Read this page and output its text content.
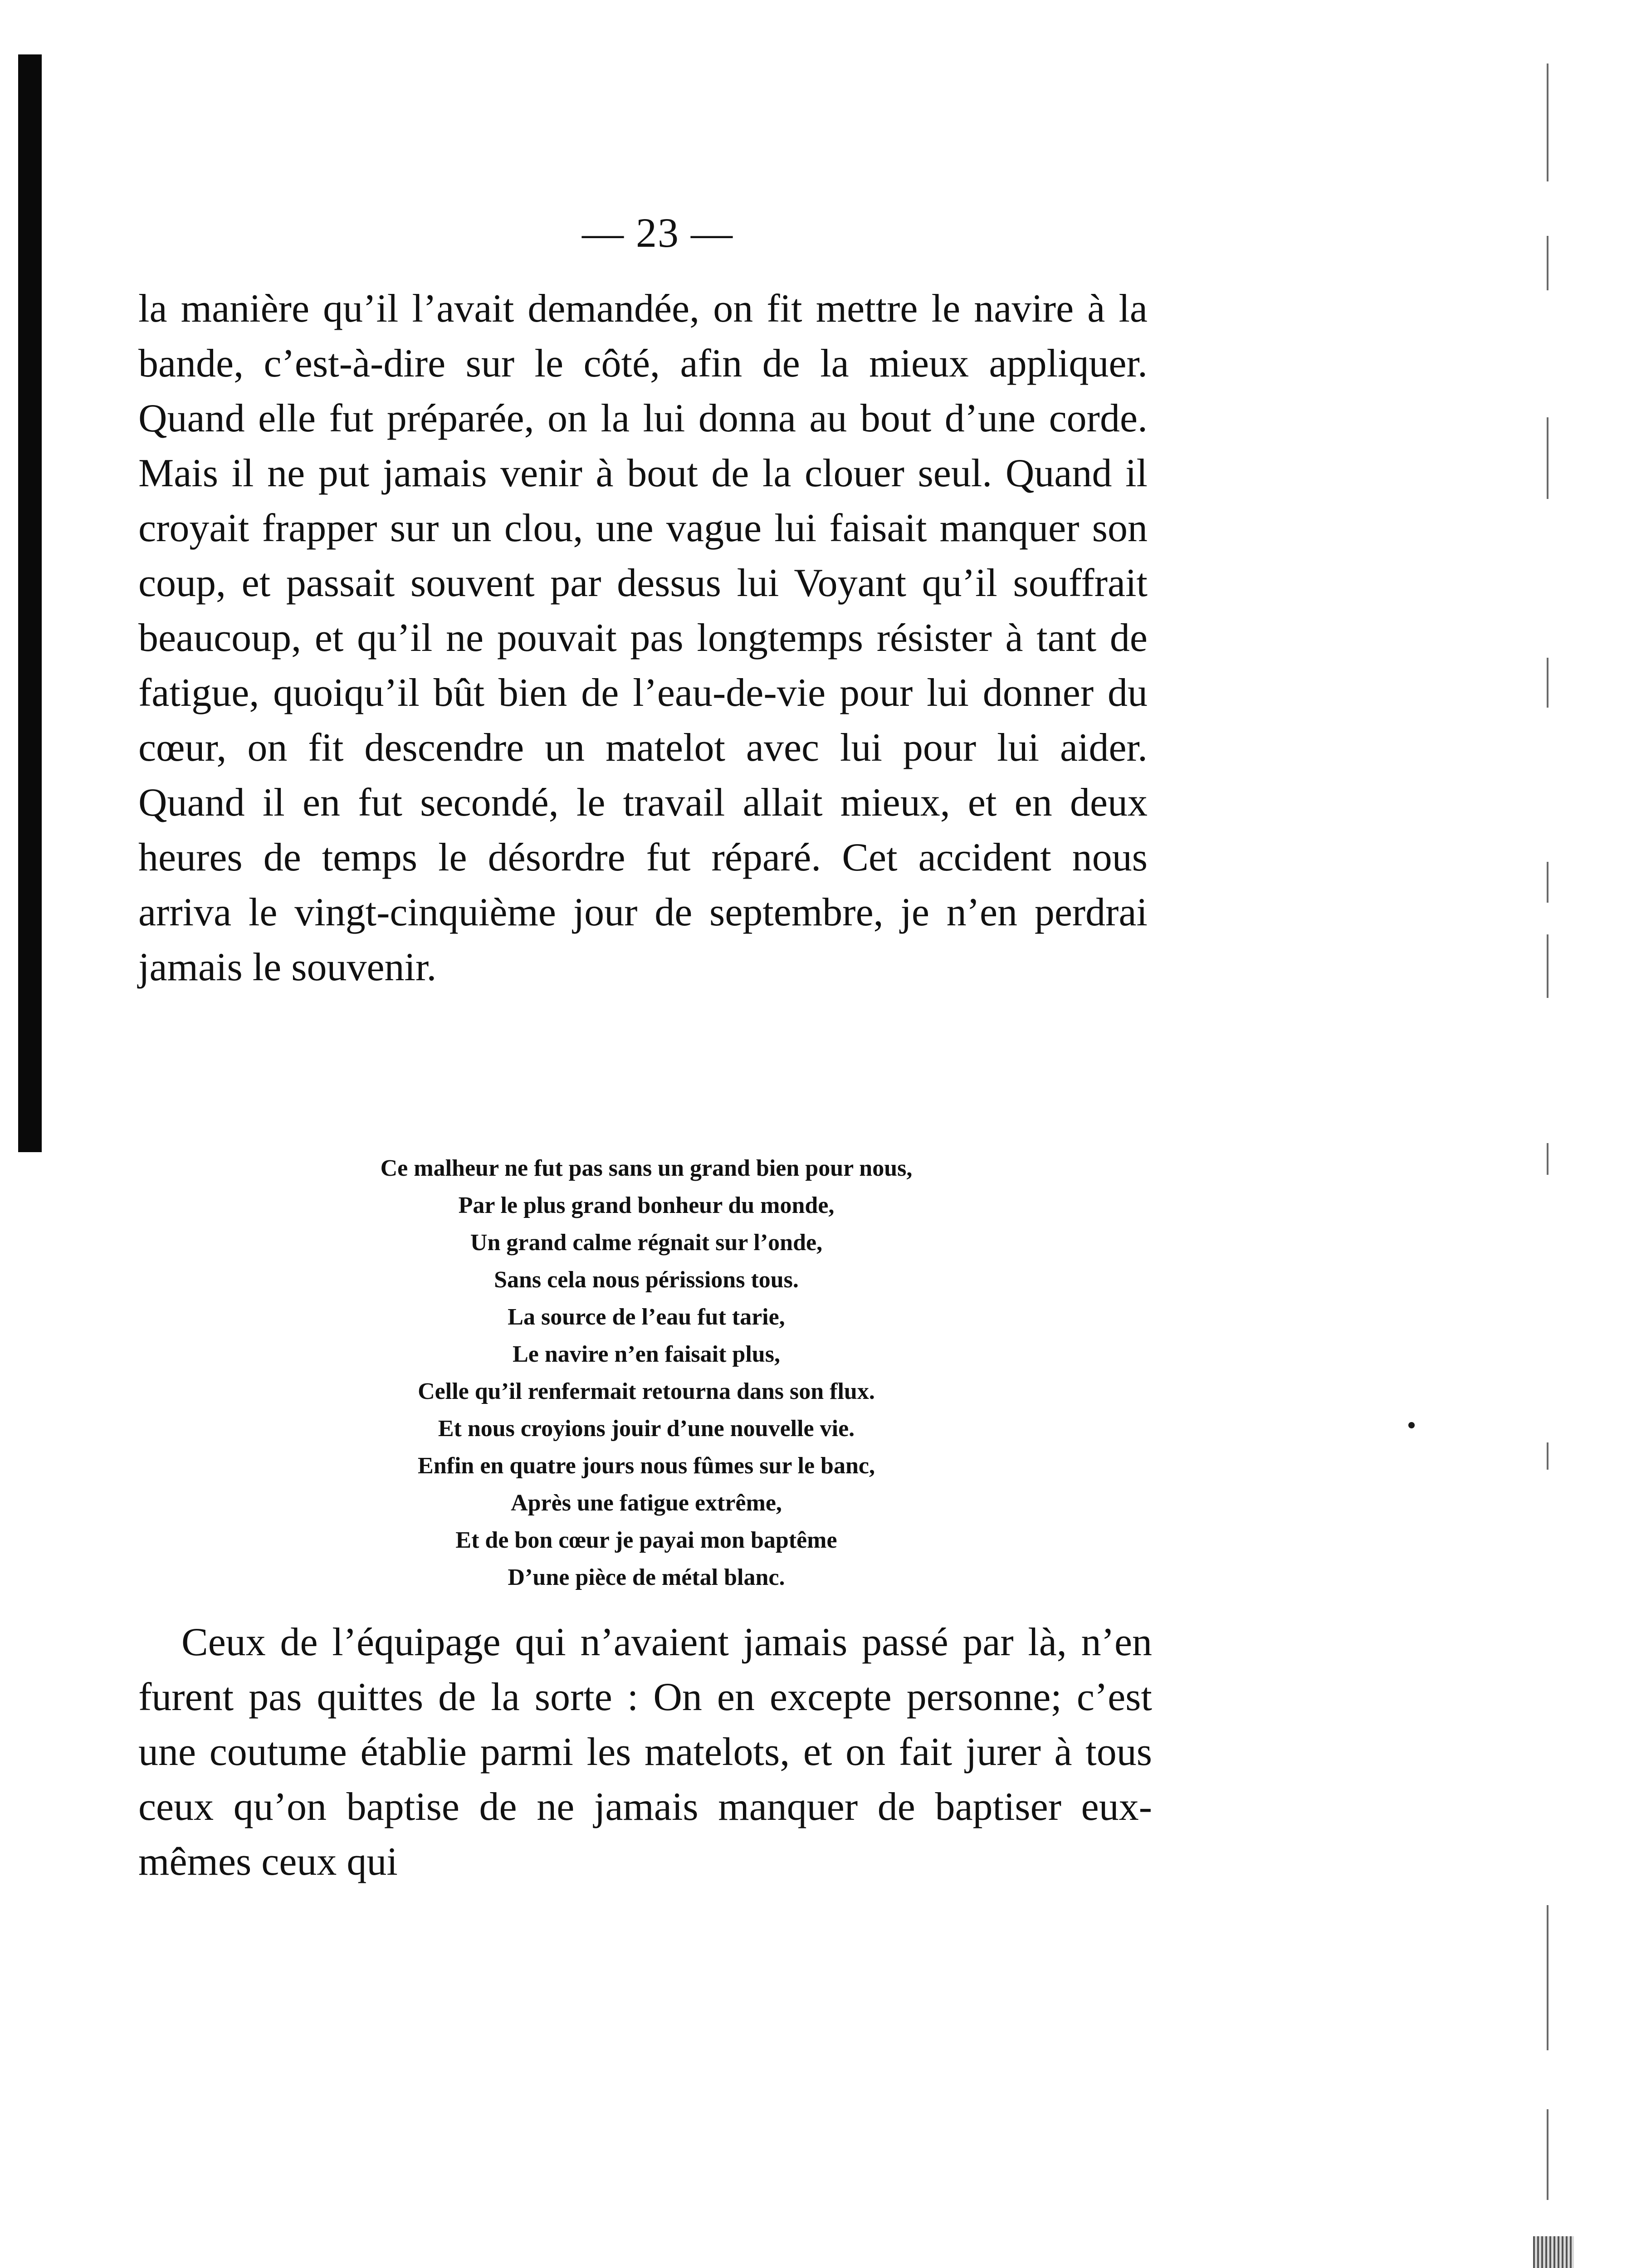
— 23 —

la manière qu’il l’avait demandée, on fit mettre le navire à la bande, c’est-à-dire sur le côté, afin de la mieux appliquer. Quand elle fut préparée, on la lui donna au bout d’une corde. Mais il ne put jamais venir à bout de la clouer seul. Quand il croyait frapper sur un clou, une vague lui faisait manquer son coup, et passait souvent par dessus lui Voyant qu’il souffrait beaucoup, et qu’il ne pouvait pas longtemps résister à tant de fatigue, quoiqu’il bût bien de l’eau-de-vie pour lui donner du cœur, on fit descendre un matelot avec lui pour lui aider. Quand il en fut secondé, le travail allait mieux, et en deux heures de temps le désordre fut réparé. Cet accident nous arriva le vingt-cinquième jour de septembre, je n’en perdrai jamais le souvenir.

Ce malheur ne fut pas sans un grand bien pour nous,
Par le plus grand bonheur du monde,
Un grand calme régnait sur l’onde,
Sans cela nous périssions tous.
La source de l’eau fut tarie,
Le navire n’en faisait plus,
Celle qu’il renfermait retourna dans son flux.
Et nous croyions jouir d’une nouvelle vie.
Enfin en quatre jours nous fûmes sur le banc,
Après une fatigue extrême,
Et de bon cœur je payai mon baptême
D’une pièce de métal blanc.

Ceux de l’équipage qui n’avaient jamais passé par là, n’en furent pas quittes de la sorte : On en excepte personne; c’est une coutume établie parmi les matelots, et on fait jurer à tous ceux qu’on baptise de ne jamais manquer de baptiser eux-mêmes ceux qui
